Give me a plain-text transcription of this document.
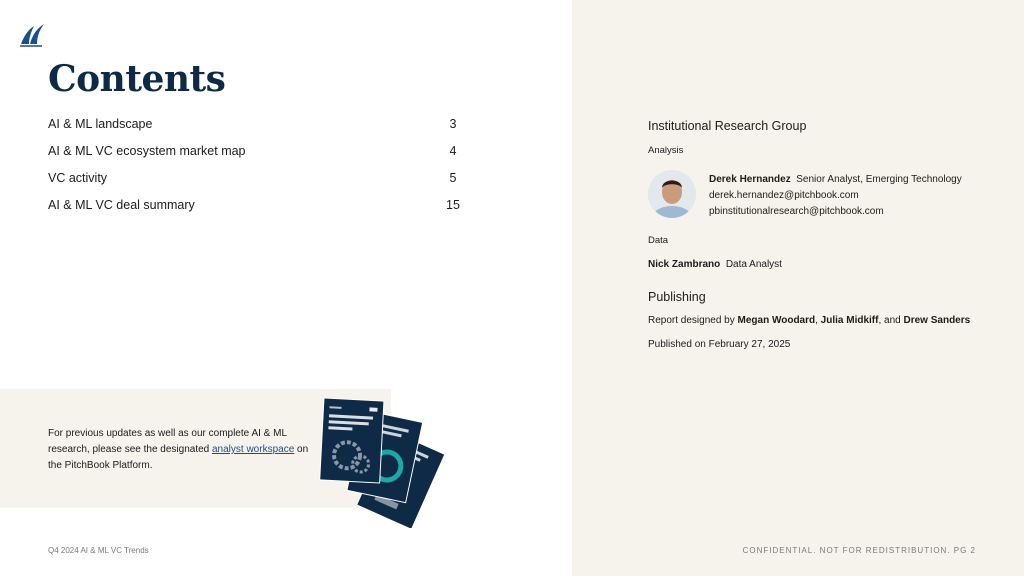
Contents
AI & ML landscape	3
AI & ML VC ecosystem market map	4
VC activity	5
AI & ML VC deal summary	15
For previous updates as well as our complete AI & ML research, please see the designated analyst workspace on the PitchBook Platform.
Institutional Research Group
Analysis
Derek Hernandez Senior Analyst, Emerging Technology
derek.hernandez@pitchbook.com
pbinstitutionalresearch@pitchbook.com
Data
Nick Zambrano Data Analyst
Publishing
Report designed by Megan Woodard, Julia Midkiff, and Drew Sanders
Published on February 27, 2025
Q4 2024 AI & ML VC Trends	CONFIDENTIAL. NOT FOR REDISTRIBUTION. PG 2
